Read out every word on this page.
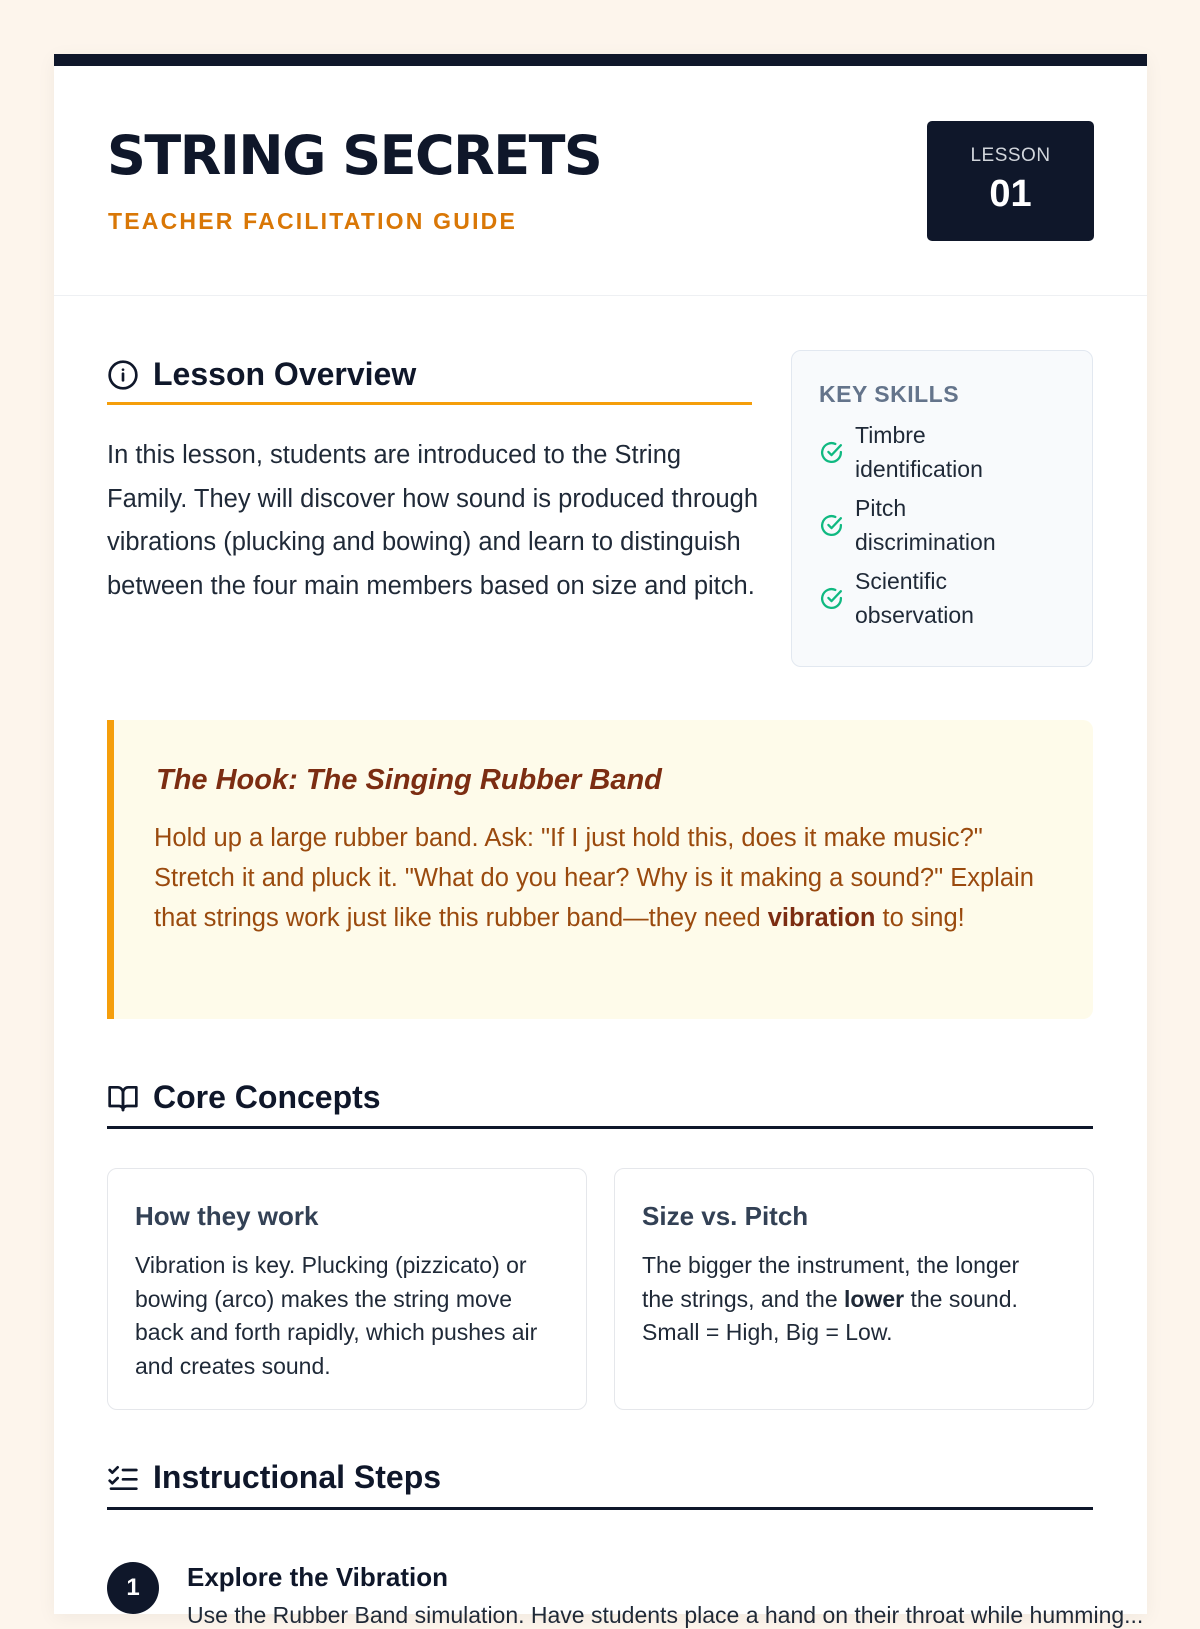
STRING SECRETS
TEACHER FACILITATION GUIDE
LESSON
01
Lesson Overview
In this lesson, students are introduced to the String Family. They will discover how sound is produced through vibrations (plucking and bowing) and learn to distinguish between the four main members based on size and pitch.
KEY SKILLS
Timbre identification
Pitch discrimination
Scientific observation
The Hook: The Singing Rubber Band
Hold up a large rubber band. Ask: "If I just hold this, does it make music?" Stretch it and pluck it. "What do you hear? Why is it making a sound?" Explain that strings work just like this rubber band—they need vibration to sing!
Core Concepts
How they work

Vibration is key. Plucking (pizzicato) or bowing (arco) makes the string move back and forth rapidly, which pushes air and creates sound.

Size vs. Pitch

The bigger the instrument, the longer the strings, and the lower the sound. Small = High, Big = Low.

Instructional Steps
1	Explore the Vibration
Use the Rubber Band simulation. Have students place a hand on their throat while humming...
